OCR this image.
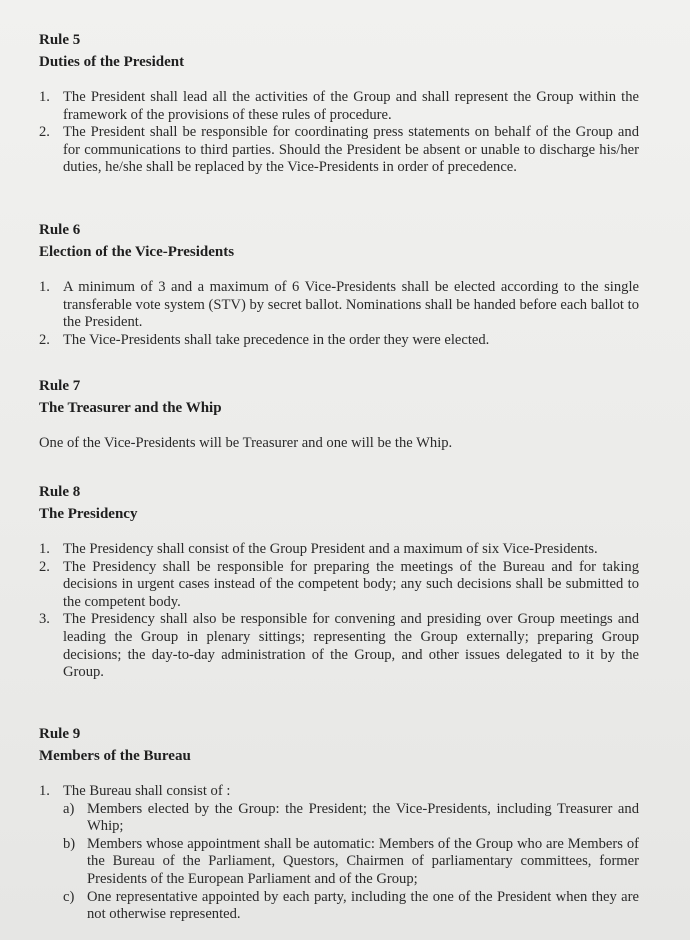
Rule 5
Duties of the President
1. The President shall lead all the activities of the Group and shall represent the Group within the framework of the provisions of these rules of procedure.
2. The President shall be responsible for coordinating press statements on behalf of the Group and for communications to third parties. Should the President be absent or unable to discharge his/her duties, he/she shall be replaced by the Vice-Presidents in order of precedence.
Rule 6
Election of the Vice-Presidents
1. A minimum of 3 and a maximum of 6 Vice-Presidents shall be elected according to the single transferable vote system (STV) by secret ballot. Nominations shall be handed before each ballot to the President.
2. The Vice-Presidents shall take precedence in the order they were elected.
Rule 7
The Treasurer and the Whip

One of the Vice-Presidents will be Treasurer and one will be the Whip.

Rule 8
The Presidency
1. The Presidency shall consist of the Group President and a maximum of six Vice-Presidents.
2. The Presidency shall be responsible for preparing the meetings of the Bureau and for taking decisions in urgent cases instead of the competent body; any such decisions shall be submitted to the competent body.
3. The Presidency shall also be responsible for convening and presiding over Group meetings and leading the Group in plenary sittings; representing the Group externally; preparing Group decisions; the day-to-day administration of the Group, and other issues delegated to it by the Group.
Rule 9
Members of the Bureau
1. The Bureau shall consist of :
a) Members elected by the Group: the President; the Vice-Presidents, including Treasurer and Whip;
b) Members whose appointment shall be automatic: Members of the Group who are Members of the Bureau of the Parliament, Questors, Chairmen of parliamentary committees, former Presidents of the European Parliament and of the Group;
c) One representative appointed by each party, including the one of the President when they are not otherwise represented.
